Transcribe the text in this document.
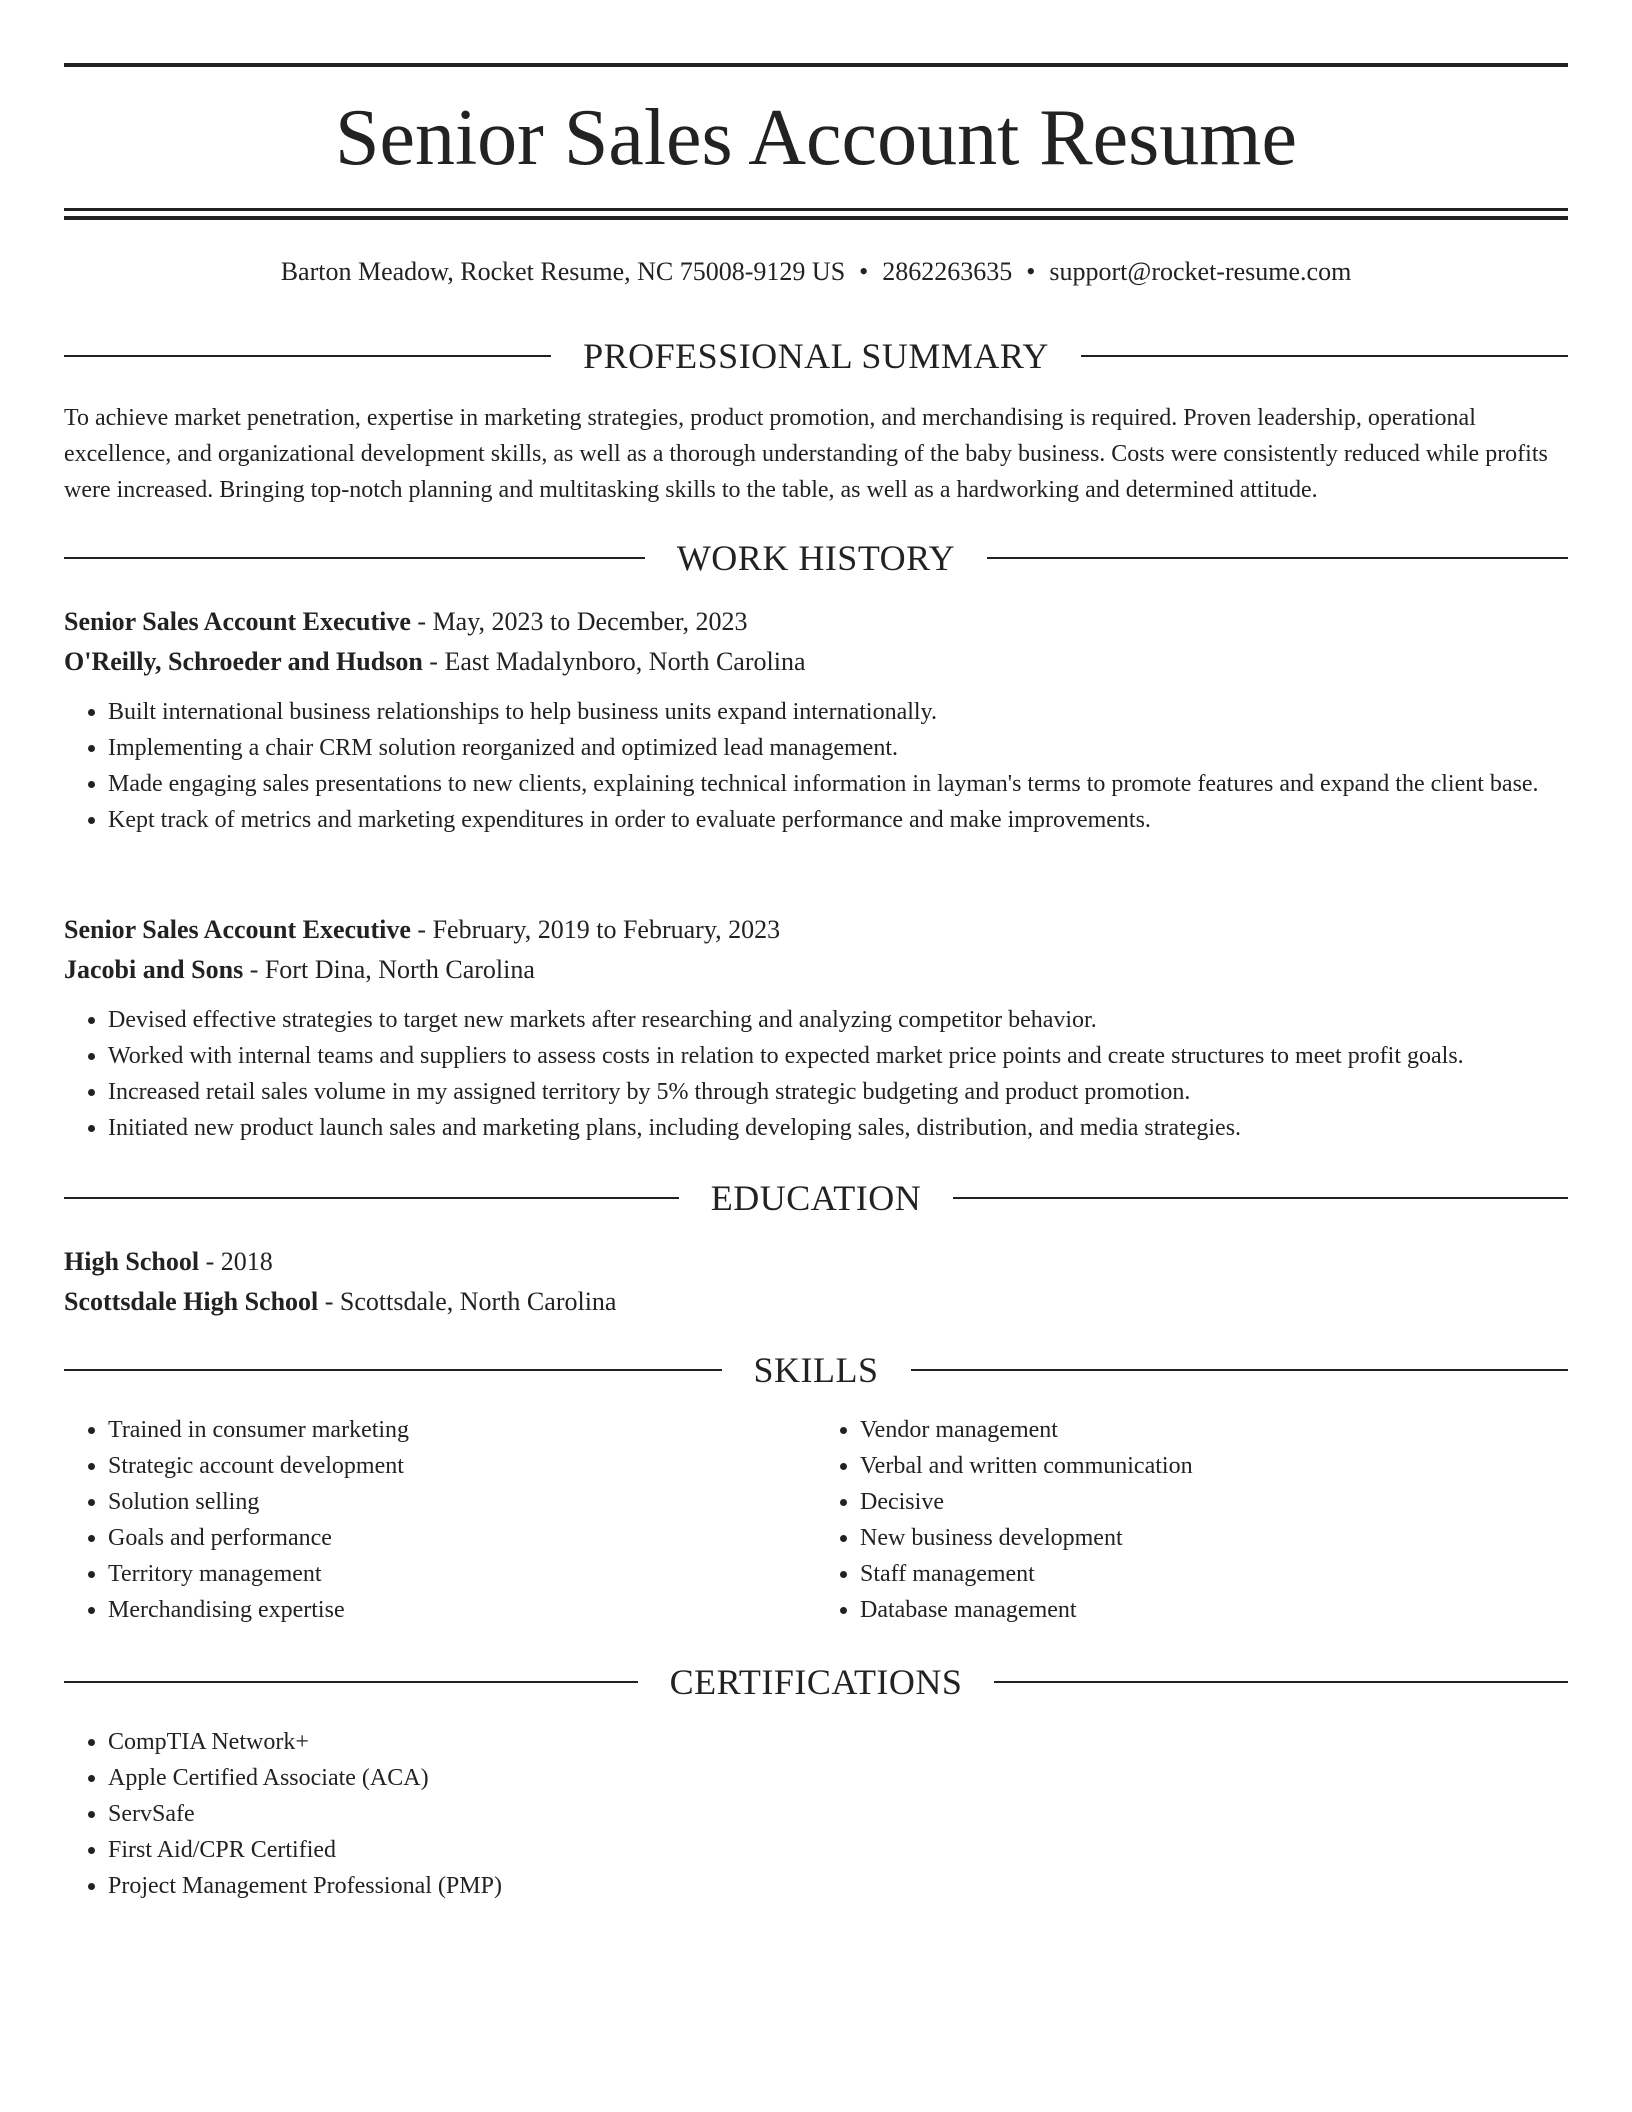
Senior Sales Account Resume
Barton Meadow, Rocket Resume, NC 75008-9129 US • 2862263635 • support@rocket-resume.com
PROFESSIONAL SUMMARY

To achieve market penetration, expertise in marketing strategies, product promotion, and merchandising is required. Proven leadership, operational excellence, and organizational development skills, as well as a thorough understanding of the baby business. Costs were consistently reduced while profits were increased. Bringing top-notch planning and multitasking skills to the table, as well as a hardworking and determined attitude.

WORK HISTORY
Senior Sales Account Executive - May, 2023 to December, 2023
O'Reilly, Schroeder and Hudson - East Madalynboro, North Carolina
• Built international business relationships to help business units expand internationally.
• Implementing a chair CRM solution reorganized and optimized lead management.
• Made engaging sales presentations to new clients, explaining technical information in layman's terms to promote features and expand the client base.
• Kept track of metrics and marketing expenditures in order to evaluate performance and make improvements.
Senior Sales Account Executive - February, 2019 to February, 2023
Jacobi and Sons - Fort Dina, North Carolina
• Devised effective strategies to target new markets after researching and analyzing competitor behavior.
• Worked with internal teams and suppliers to assess costs in relation to expected market price points and create structures to meet profit goals.
• Increased retail sales volume in my assigned territory by 5% through strategic budgeting and product promotion.
• Initiated new product launch sales and marketing plans, including developing sales, distribution, and media strategies.
EDUCATION
High School - 2018
Scottsdale High School - Scottsdale, North Carolina
SKILLS
• Trained in consumer marketing
• Strategic account development
• Solution selling
• Goals and performance
• Territory management
• Merchandising expertise
• Vendor management
• Verbal and written communication
• Decisive
• New business development
• Staff management
• Database management
CERTIFICATIONS
• CompTIA Network+
• Apple Certified Associate (ACA)
• ServSafe
• First Aid/CPR Certified
• Project Management Professional (PMP)
